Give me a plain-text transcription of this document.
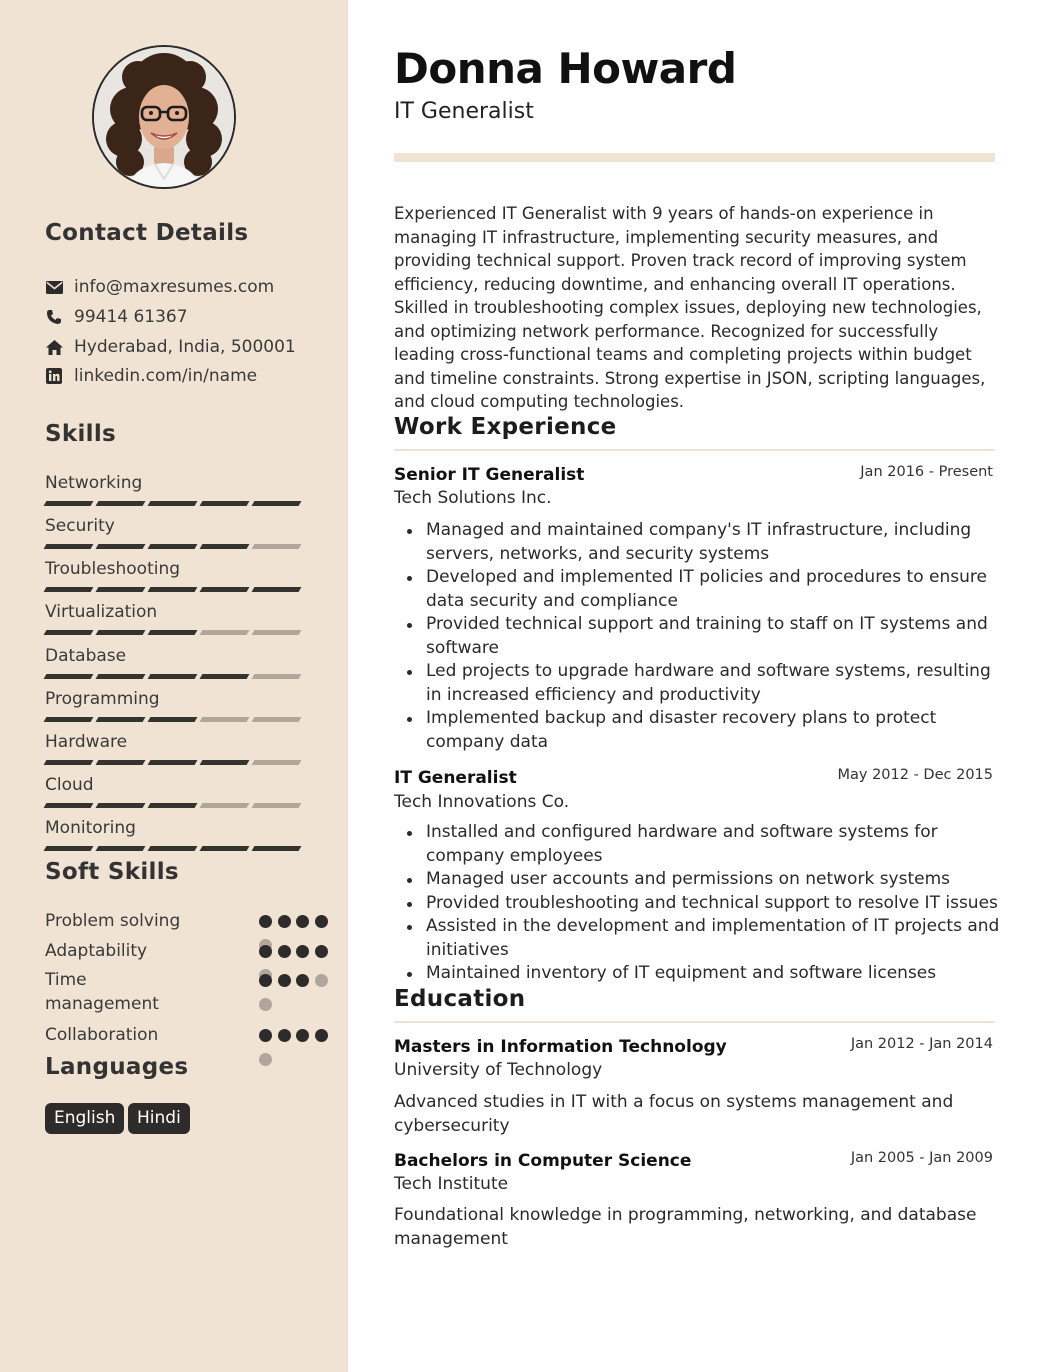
Contact Details
info@maxresumes.com
99414 61367
Hyderabad, India, 500001
linkedin.com/in/name
Skills
Networking
Security
Troubleshooting
Virtualization
Database
Programming
Hardware
Cloud
Monitoring
Soft Skills
Problem solving
Adaptability
Time management
Collaboration
Languages
English	Hindi
Donna Howard
IT Generalist
Experienced IT Generalist with 9 years of hands-on experience in managing IT infrastructure, implementing security measures, and providing technical support. Proven track record of improving system efficiency, reducing downtime, and enhancing overall IT operations. Skilled in troubleshooting complex issues, deploying new technologies, and optimizing network performance. Recognized for successfully leading cross-functional teams and completing projects within budget and timeline constraints. Strong expertise in JSON, scripting languages, and cloud computing technologies.
Work Experience
Senior IT Generalist	Jan 2016 - Present
Tech Solutions Inc.
Managed and maintained company's IT infrastructure, including servers, networks, and security systems
Developed and implemented IT policies and procedures to ensure data security and compliance
Provided technical support and training to staff on IT systems and software
Led projects to upgrade hardware and software systems, resulting in increased efficiency and productivity
Implemented backup and disaster recovery plans to protect company data
IT Generalist	May 2012 - Dec 2015
Tech Innovations Co.
Installed and configured hardware and software systems for company employees
Managed user accounts and permissions on network systems
Provided troubleshooting and technical support to resolve IT issues
Assisted in the development and implementation of IT projects and initiatives
Maintained inventory of IT equipment and software licenses
Education
Masters in Information Technology	Jan 2012 - Jan 2014
University of Technology
Advanced studies in IT with a focus on systems management and cybersecurity
Bachelors in Computer Science	Jan 2005 - Jan 2009
Tech Institute
Foundational knowledge in programming, networking, and database management
